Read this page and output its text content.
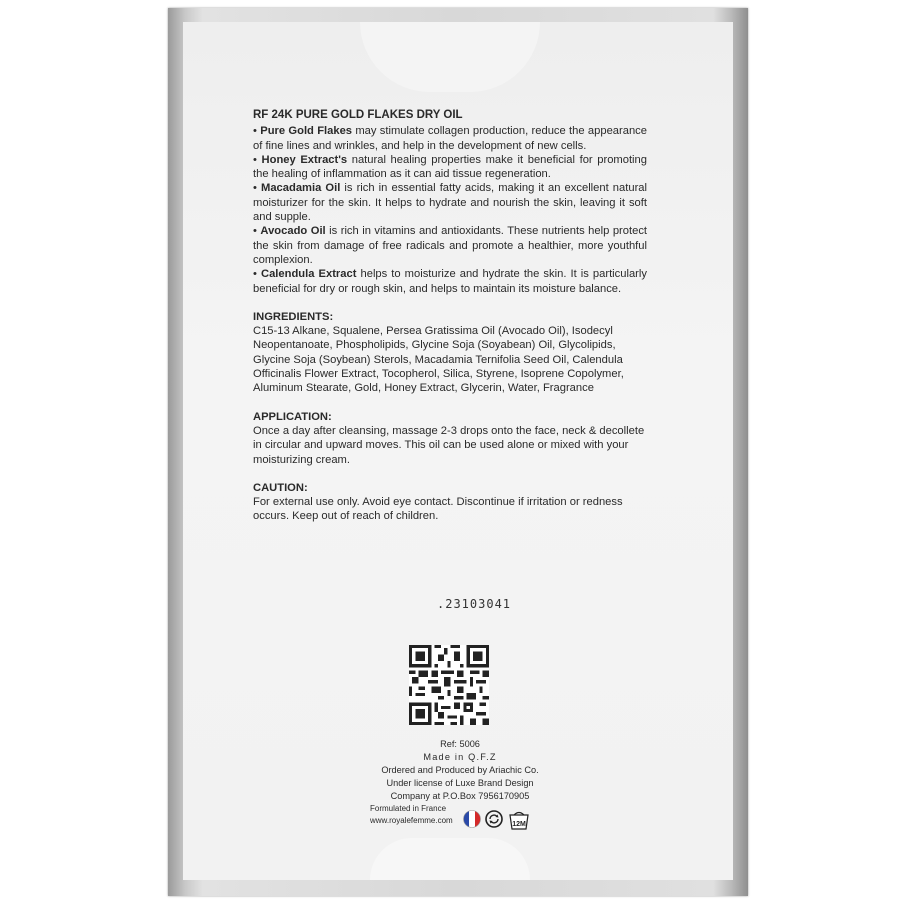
RF 24K PURE GOLD FLAKES DRY OIL
• Pure Gold Flakes may stimulate collagen production, reduce the appearance of fine lines and wrinkles, and help in the development of new cells.
• Honey Extract's natural healing properties make it beneficial for promoting the healing of inflammation as it can aid tissue regeneration.
• Macadamia Oil is rich in essential fatty acids, making it an excellent natural moisturizer for the skin. It helps to hydrate and nourish the skin, leaving it soft and supple.
• Avocado Oil is rich in vitamins and antioxidants. These nutrients help protect the skin from damage of free radicals and promote a healthier, more youthful complexion.
• Calendula Extract helps to moisturize and hydrate the skin. It is particularly beneficial for dry or rough skin, and helps to maintain its moisture balance.
INGREDIENTS:
C15-13 Alkane, Squalene, Persea Gratissima Oil (Avocado Oil), Isodecyl Neopentanoate, Phospholipids, Glycine Soja (Soyabean) Oil, Glycolipids, Glycine Soja (Soybean) Sterols, Macadamia Ternifolia Seed Oil, Calendula Officinalis Flower Extract, Tocopherol, Silica, Styrene, Isoprene Copolymer, Aluminum Stearate, Gold, Honey Extract, Glycerin, Water, Fragrance
APPLICATION:
Once a day after cleansing, massage 2-3 drops onto the face, neck & decollete in circular and upward moves. This oil can be used alone or mixed with your moisturizing cream.
CAUTION:
For external use only. Avoid eye contact. Discontinue if irritation or redness occurs. Keep out of reach of children.
.23103041
Ref: 5006
Made in Q.F.Z
Ordered and Produced by Ariachic Co.
Under license of Luxe Brand Design
Company at P.O.Box 7956170905
Formulated in France
www.royalefemme.com	12M
